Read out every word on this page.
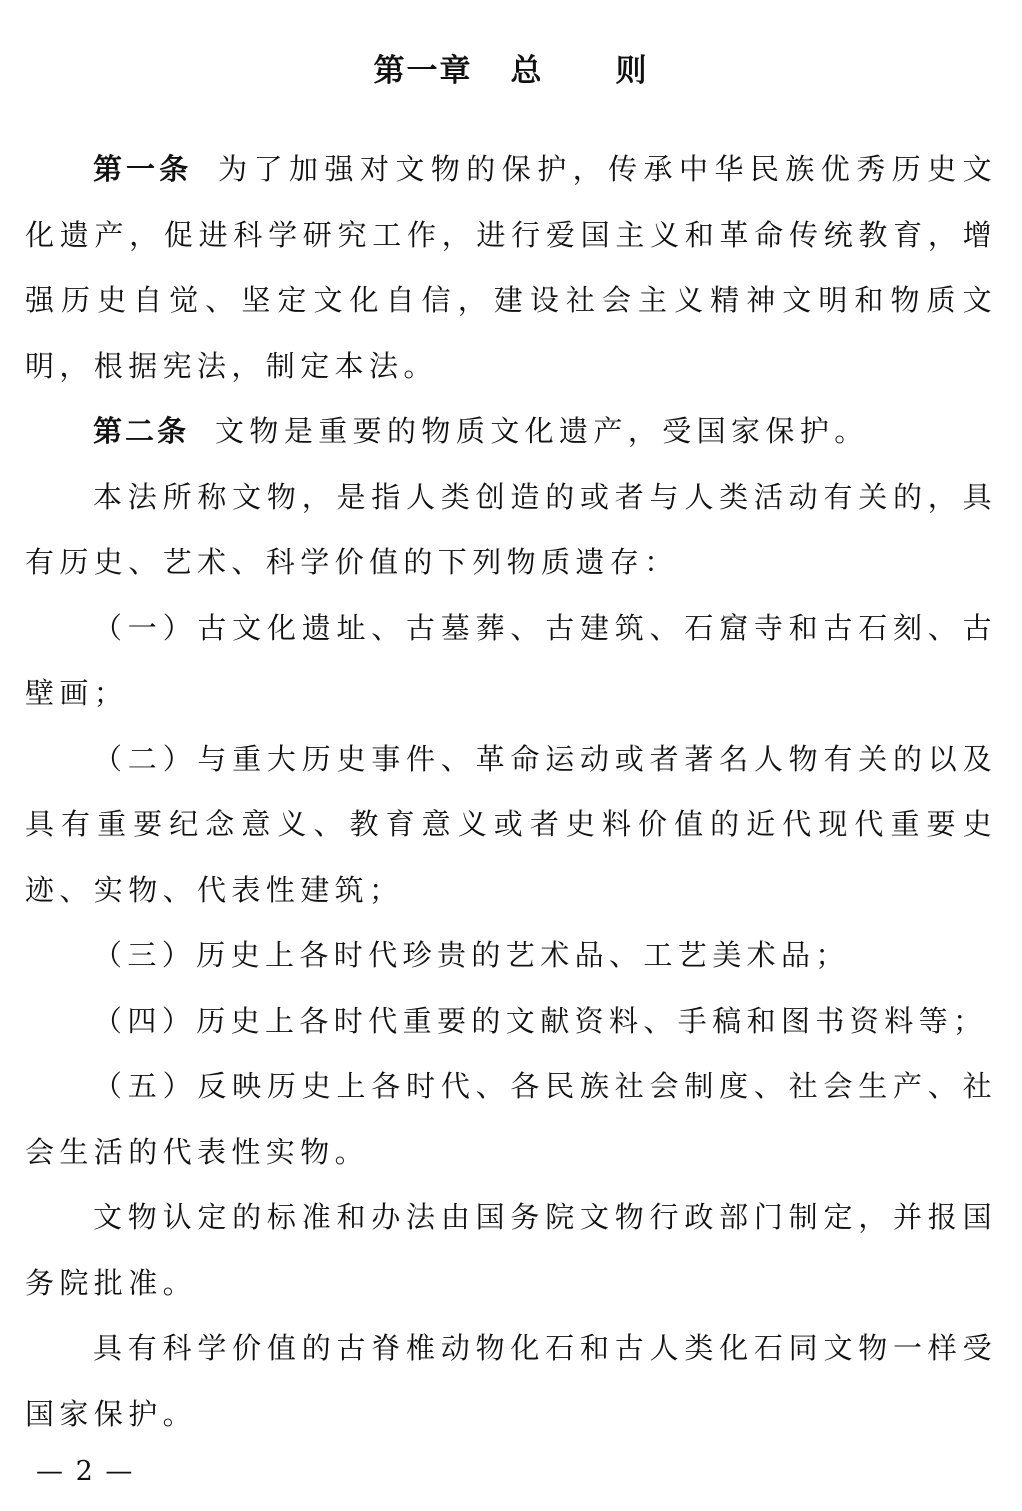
第一章 总 则

第一条 为了加强对文物的保护，传承中华民族优秀历史文化遗产，促进科学研究工作，进行爱国主义和革命传统教育，增强历史自觉、坚定文化自信，建设社会主义精神文明和物质文明，根据宪法，制定本法。

第二条 文物是重要的物质文化遗产，受国家保护。

本法所称文物，是指人类创造的或者与人类活动有关的，具有历史、艺术、科学价值的下列物质遗存：

（一）古文化遗址、古墓葬、古建筑、石窟寺和古石刻、古壁画；

（二）与重大历史事件、革命运动或者著名人物有关的以及具有重要纪念意义、教育意义或者史料价值的近代现代重要史迹、实物、代表性建筑；

（三）历史上各时代珍贵的艺术品、工艺美术品；

（四）历史上各时代重要的文献资料、手稿和图书资料等；

（五）反映历史上各时代、各民族社会制度、社会生产、社会生活的代表性实物。

文物认定的标准和办法由国务院文物行政部门制定，并报国务院批准。

具有科学价值的古脊椎动物化石和古人类化石同文物一样受国家保护。

— 2 —
